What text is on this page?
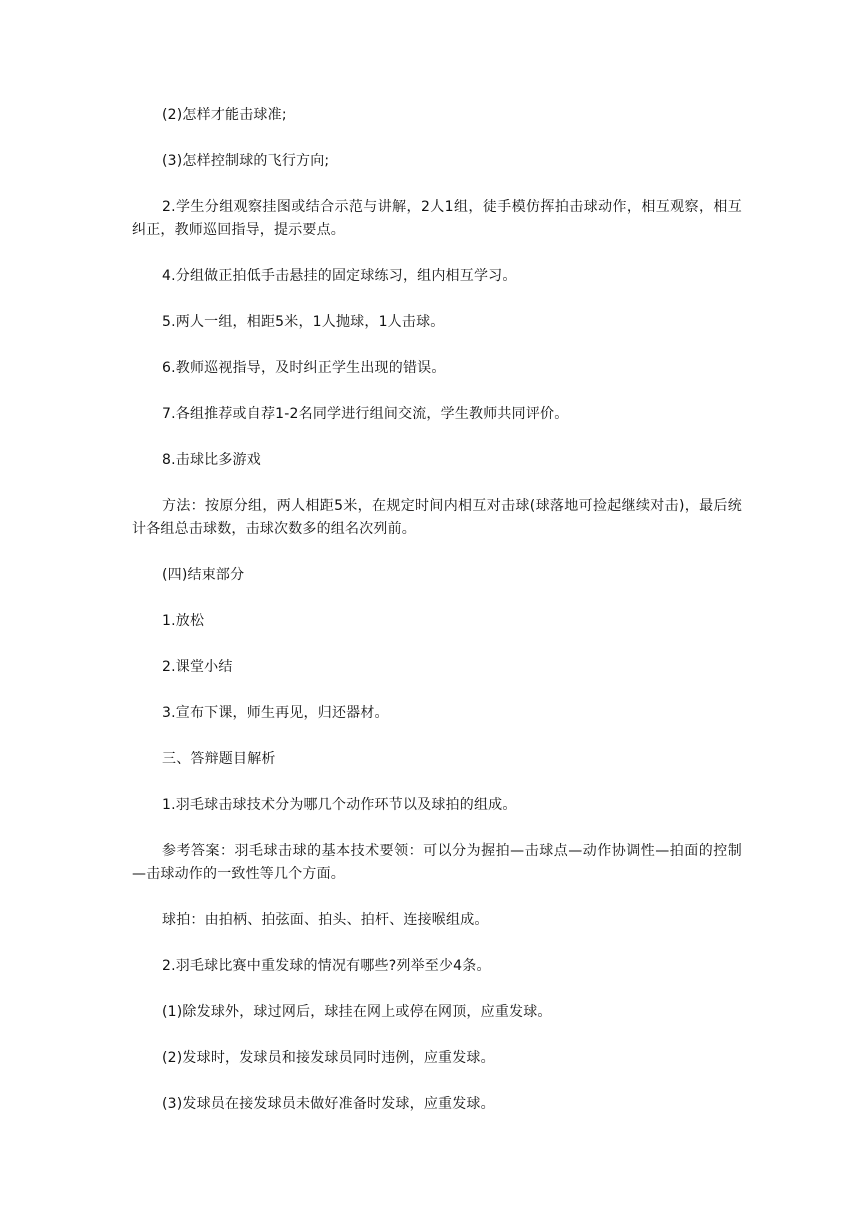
(2)怎样才能击球准;

(3)怎样控制球的飞行方向;

2.学生分组观察挂图或结合示范与讲解，2人1组，徒手模仿挥拍击球动作，相互观察，相互纠正，教师巡回指导，提示要点。

4.分组做正拍低手击悬挂的固定球练习，组内相互学习。

5.两人一组，相距5米，1人抛球，1人击球。

6.教师巡视指导，及时纠正学生出现的错误。

7.各组推荐或自荐1-2名同学进行组间交流，学生教师共同评价。

8.击球比多游戏

方法：按原分组，两人相距5米，在规定时间内相互对击球(球落地可捡起继续对击)，最后统计各组总击球数，击球次数多的组名次列前。

(四)结束部分

1.放松

2.课堂小结

3.宣布下课，师生再见，归还器材。

三、答辩题目解析

1.羽毛球击球技术分为哪几个动作环节以及球拍的组成。

参考答案：羽毛球击球的基本技术要领：可以分为握拍—击球点—动作协调性—拍面的控制—击球动作的一致性等几个方面。

球拍：由拍柄、拍弦面、拍头、拍杆、连接喉组成。

2.羽毛球比赛中重发球的情况有哪些?列举至少4条。

(1)除发球外，球过网后，球挂在网上或停在网顶，应重发球。

(2)发球时，发球员和接发球员同时违例，应重发球。

(3)发球员在接发球员未做好准备时发球，应重发球。
